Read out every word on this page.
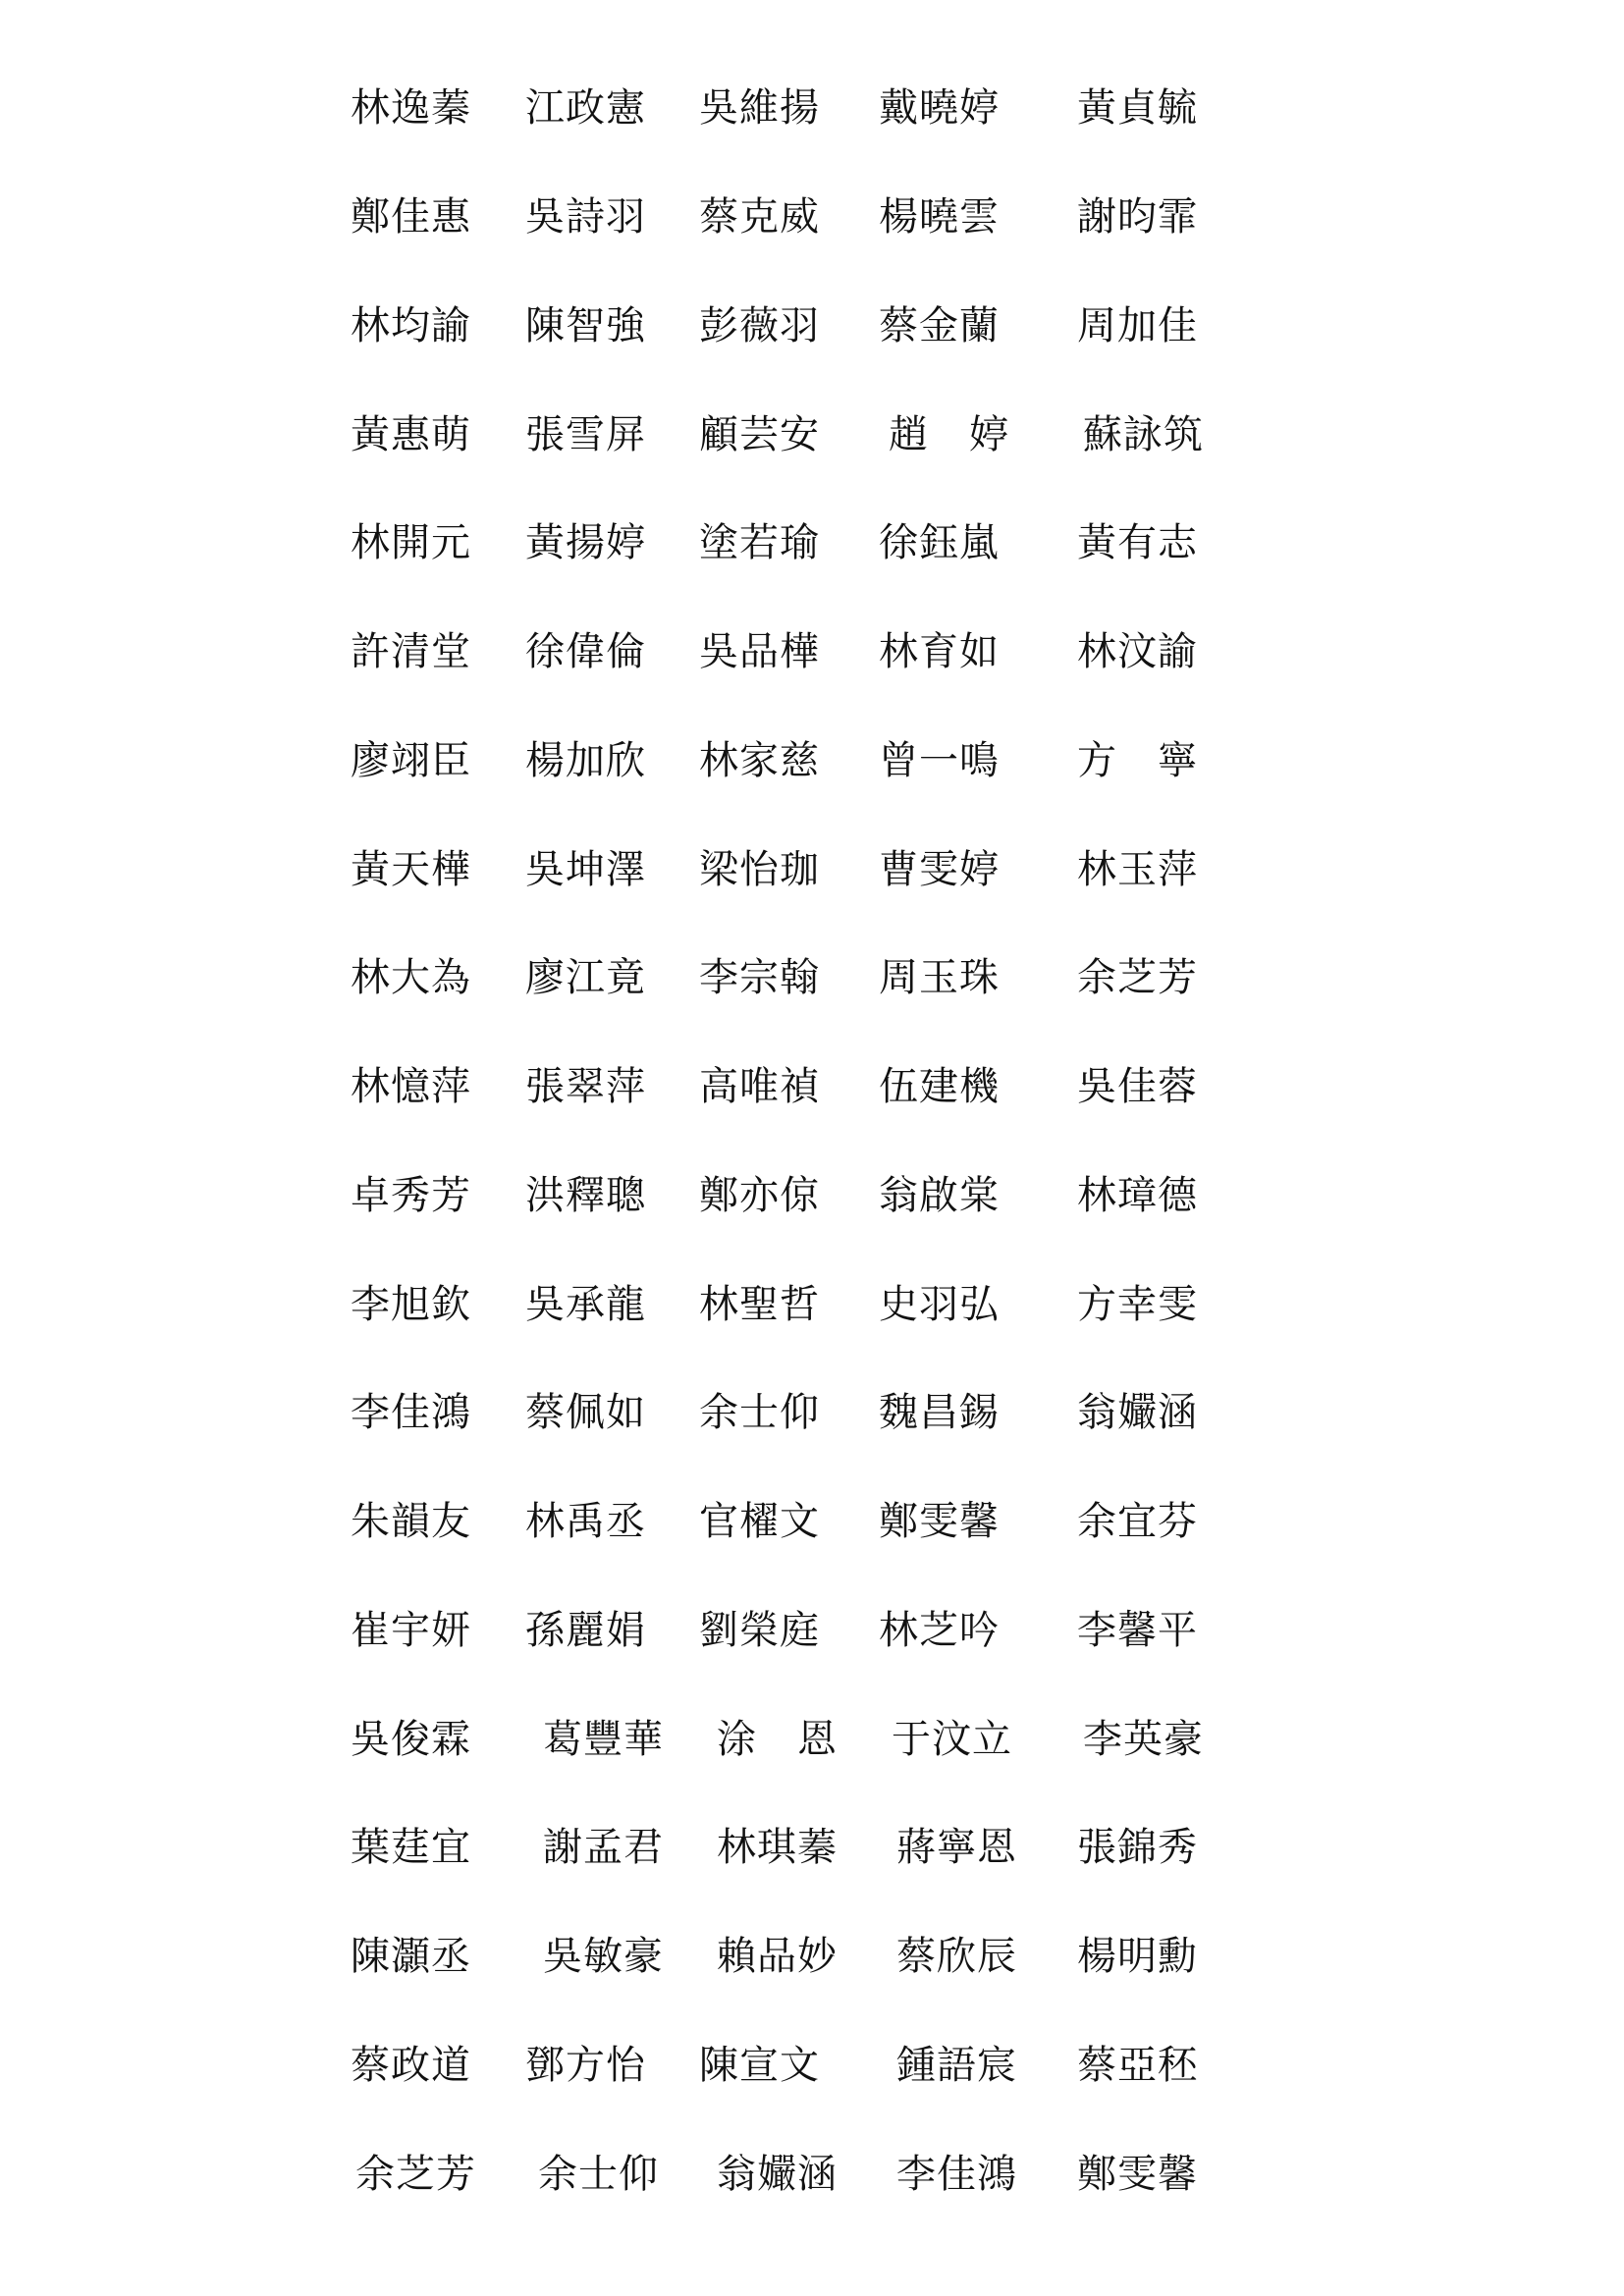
林逸蓁 江政憲 吳維揚 戴曉婷 黃貞毓
鄭佳惠 吳詩羽 蔡克威 楊曉雲 謝昀霏
林均諭 陳智強 彭薇羽 蔡金蘭 周加佳
黃惠萌 張雪屏 顧芸安 趙　婷 蘇詠筑
林開元 黃揚婷 塗若瑜 徐鈺嵐 黃有志
許清堂 徐偉倫 吳品樺 林育如 林汶諭
廖翊臣 楊加欣 林家慈 曾一鳴 方　寧
黃天樺 吳坤澤 梁怡珈 曹雯婷 林玉萍
林大為 廖江竟 李宗翰 周玉珠 余芝芳
林憶萍 張翠萍 高唯禎 伍建機 吳佳蓉
卓秀芳 洪釋聰 鄭亦倞 翁啟棠 林璋德
李旭欽 吳承龍 林聖哲 史羽弘 方幸雯
李佳鴻 蔡佩如 余士仰 魏昌錫 翁孍涵
朱韻友 林禹丞 官櫂文 鄭雯馨 余宜芬
崔宇妍 孫麗娟 劉榮庭 林芝吟 李馨平
吳俊霖 葛豐華 涂　恩 于汶立 李英豪
葉莛宜 謝孟君 林琪蓁 蔣寧恩 張錦秀
陳灝丞 吳敏豪 賴品妙 蔡欣辰 楊明勳
蔡政道 鄧方怡 陳宣文 鍾語宸 蔡亞秠
余芝芳 余士仰 翁孍涵 李佳鴻 鄭雯馨
